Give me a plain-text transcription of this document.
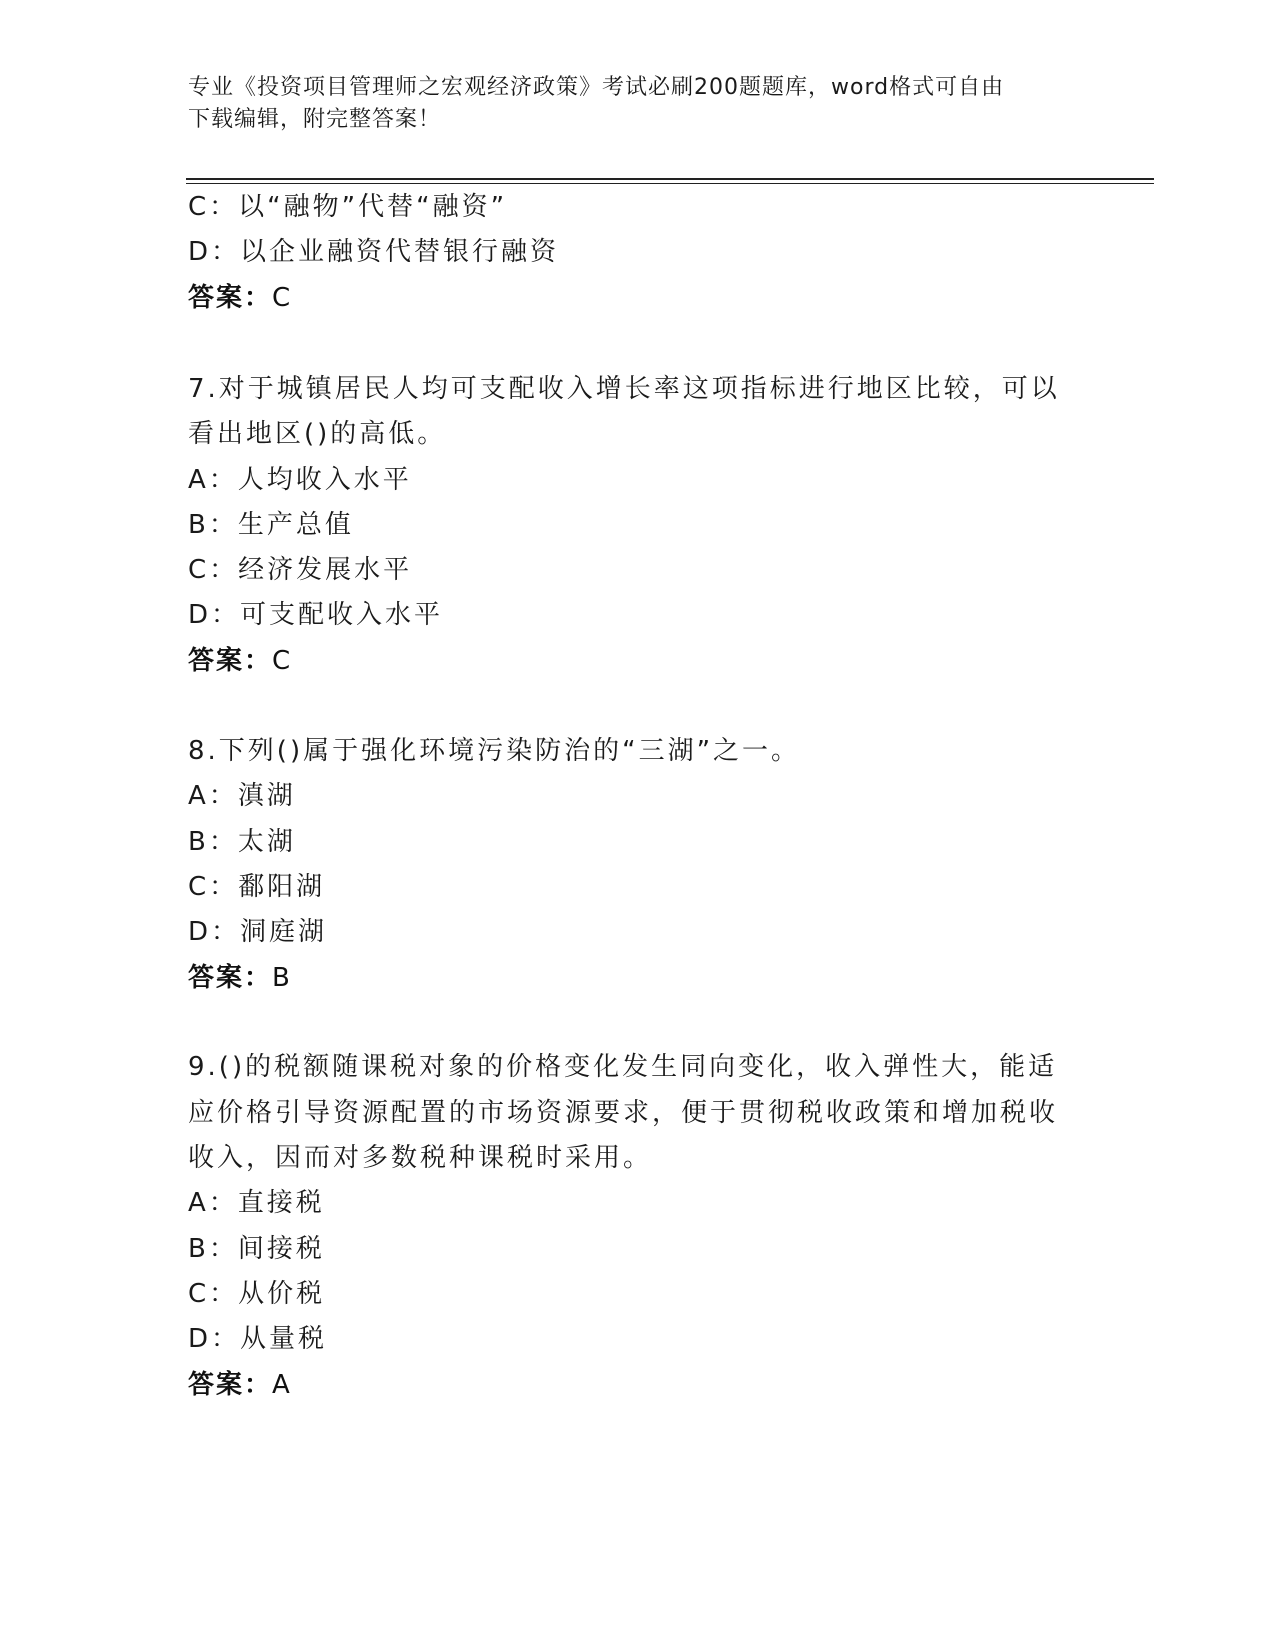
专业《投资项目管理师之宏观经济政策》考试必刷200题题库，word格式可自由
下载编辑，附完整答案！
C：以“融物”代替“融资”
D：以企业融资代替银行融资
答案：C
7.对于城镇居民人均可支配收入增长率这项指标进行地区比较，可以
看出地区()的高低。
A：人均收入水平
B：生产总值
C：经济发展水平
D：可支配收入水平
答案：C
8.下列()属于强化环境污染防治的“三湖”之一。
A：滇湖
B：太湖
C：鄱阳湖
D：洞庭湖
答案：B
9.()的税额随课税对象的价格变化发生同向变化，收入弹性大，能适
应价格引导资源配置的市场资源要求，便于贯彻税收政策和增加税收
收入，因而对多数税种课税时采用。
A：直接税
B：间接税
C：从价税
D：从量税
答案：A
